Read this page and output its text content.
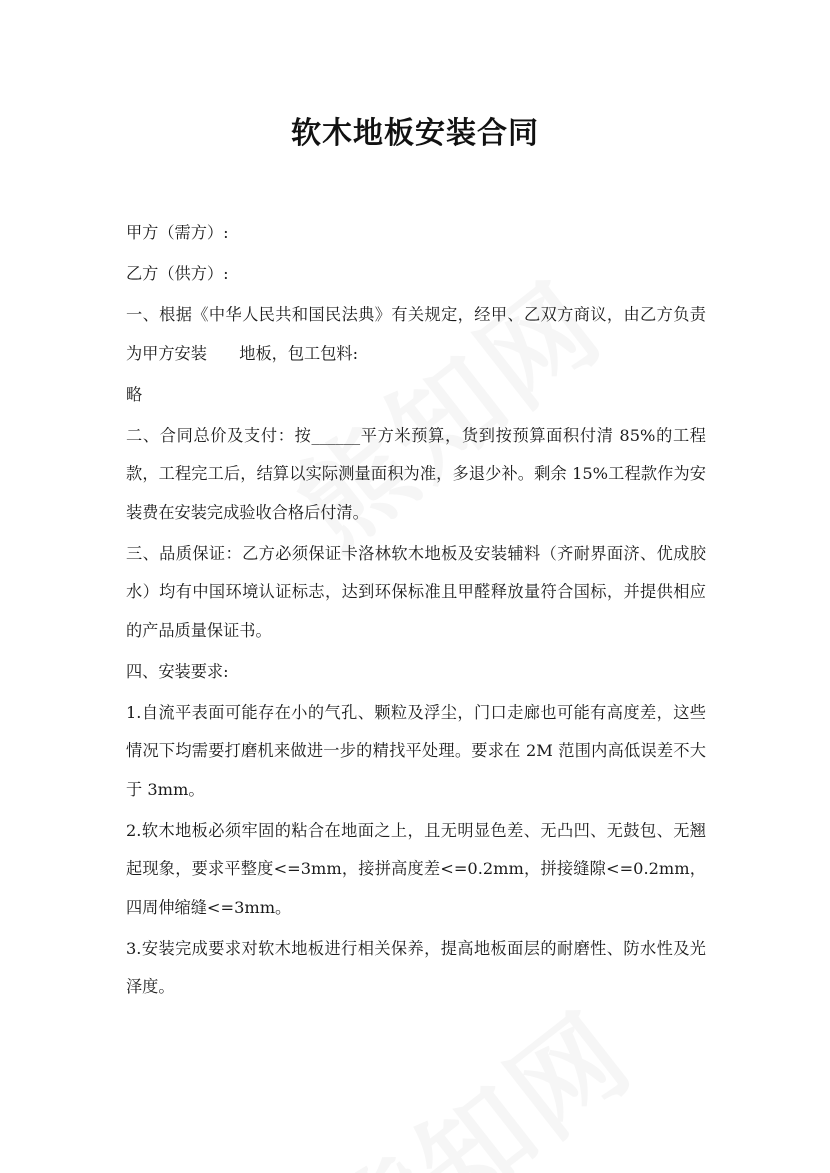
软木地板安装合同

甲方（需方）:

乙方（供方）:

一、根据《中华人民共和国民法典》有关规定，经甲、乙双方商议，由乙方负责为甲方安装　　地板，包工包料:

略

二、合同总价及支付：按______平方米预算，货到按预算面积付清 85%的工程款，工程完工后，结算以实际测量面积为准，多退少补。剩余 15%工程款作为安装费在安装完成验收合格后付清。

三、品质保证：乙方必须保证卡洛林软木地板及安装辅料（齐耐界面济、优成胶水）均有中国环境认证标志，达到环保标准且甲醛释放量符合国标，并提供相应的产品质量保证书。

四、安装要求:

1.自流平表面可能存在小的气孔、颗粒及浮尘，门口走廊也可能有高度差，这些情况下均需要打磨机来做进一步的精找平处理。要求在 2M 范围内高低误差不大于 3mm。

2.软木地板必须牢固的粘合在地面之上，且无明显色差、无凸凹、无鼓包、无翘起现象，要求平整度<=3mm，接拼高度差<=0.2mm，拼接缝隙<=0.2mm，四周伸缩缝<=3mm。

3.安装完成要求对软木地板进行相关保养，提高地板面层的耐磨性、防水性及光泽度。
